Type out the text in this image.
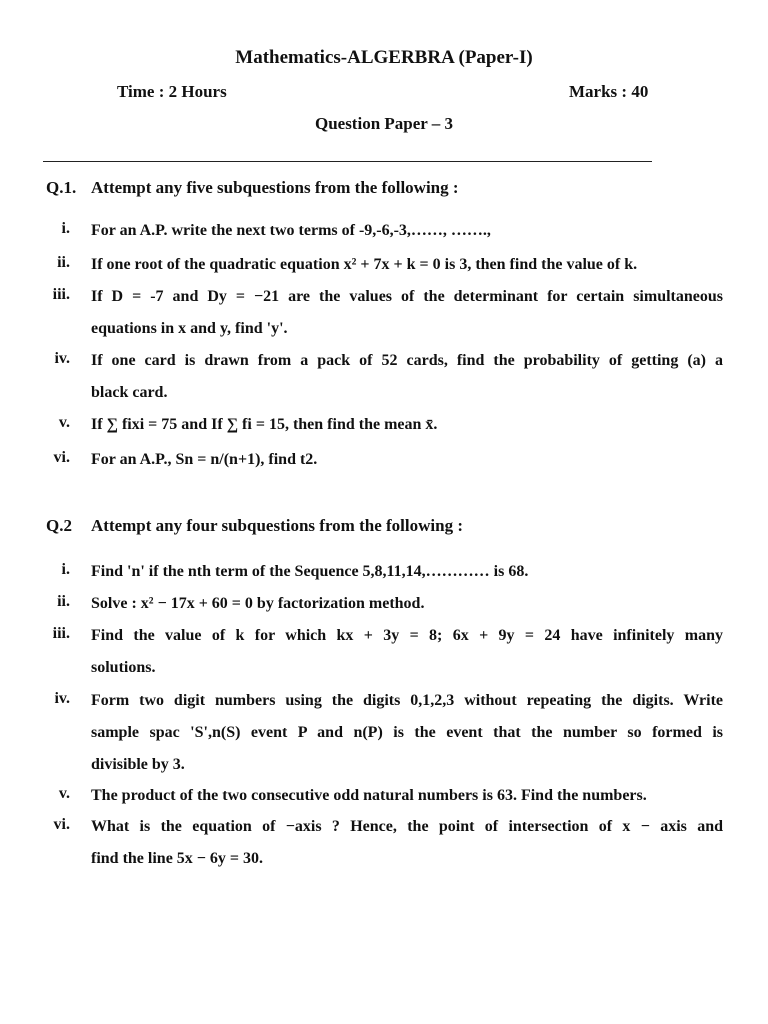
Mathematics-ALGERBRA (Paper-I)
Time : 2 Hours	Marks : 40
Question Paper – 3
Q.1. Attempt any five subquestions from the following :
i. For an A.P. write the next two terms of -9,-6,-3,……, …….,
ii. If one root of the quadratic equation x² + 7x + k = 0 is 3, then find the value of k.
iii. If D = -7 and Dy = −21 are the values of the determinant for certain simultaneous
equations in x and y, find 'y'.
iv. If one card is drawn from a pack of 52 cards, find the probability of getting (a) a
black card.
v. If ∑ fixi = 75 and If ∑ fi = 15, then find the mean x̄.
vi. For an A.P., Sn = n/(n+1), find t2.
Q.2 Attempt any four subquestions from the following :
i. Find 'n' if the nth term of the Sequence 5,8,11,14,………… is 68.
ii. Solve : x² − 17x + 60 = 0 by factorization method.
iii. Find the value of k for which kx + 3y = 8; 6x + 9y = 24 have infinitely many
solutions.
iv. Form two digit numbers using the digits 0,1,2,3 without repeating the digits. Write
sample spac 'S',n(S) event P and n(P) is the event that the number so formed is
divisible by 3.
v. The product of the two consecutive odd natural numbers is 63. Find the numbers.
vi. What is the equation of −axis ? Hence, the point of intersection of x − axis and
find the line 5x − 6y = 30.
